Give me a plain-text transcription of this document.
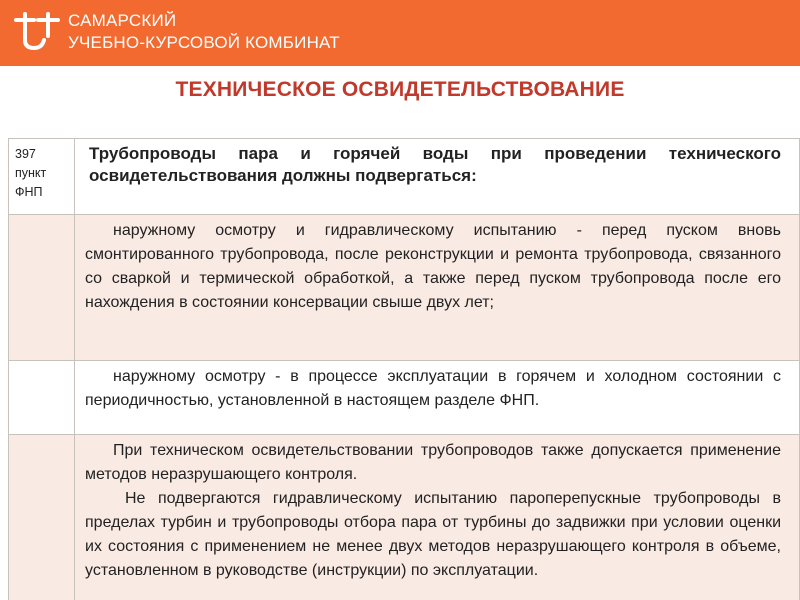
САМАРСКИЙ
УЧЕБНО-КУРСОВОЙ КОМБИНАТ
ТЕХНИЧЕСКОЕ ОСВИДЕТЕЛЬСТВОВАНИЕ
397
пункт
ФНП	Трубопроводы пара и горячей воды при проведении технического освидетельствования должны подвергаться:

	наружному осмотру и гидравлическому испытанию - перед пуском вновь смонтированного трубопровода, после реконструкции и ремонта трубопровода, связанного со сваркой и термической обработкой, а также перед пуском трубопровода после его нахождения в состоянии консервации свыше двух лет;

	наружному осмотру - в процессе эксплуатации в горячем и холодном состоянии с периодичностью, установленной в настоящем разделе ФНП.

	При техническом освидетельствовании трубопроводов также допускается применение методов неразрушающего контроля.
Не подвергаются гидравлическому испытанию пароперепускные трубопроводы в пределах турбин и трубопроводы отбора пара от турбины до задвижки при условии оценки их состояния с применением не менее двух методов неразрушающего контроля в объеме, установленном в руководстве (инструкции) по эксплуатации.
